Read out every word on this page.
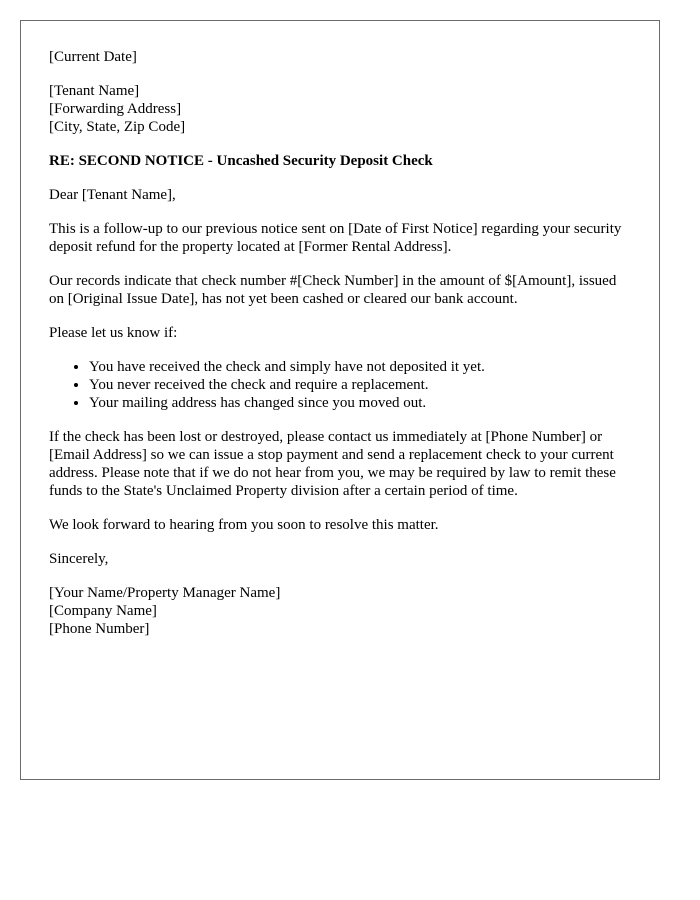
[Current Date]

[Tenant Name]
[Forwarding Address]
[City, State, Zip Code]

RE: SECOND NOTICE - Uncashed Security Deposit Check

Dear [Tenant Name],

This is a follow-up to our previous notice sent on [Date of First Notice] regarding your security deposit refund for the property located at [Former Rental Address].

Our records indicate that check number #[Check Number] in the amount of $[Amount], issued on [Original Issue Date], has not yet been cashed or cleared our bank account.

Please let us know if:

• You have received the check and simply have not deposited it yet.
• You never received the check and require a replacement.
• Your mailing address has changed since you moved out.

If the check has been lost or destroyed, please contact us immediately at [Phone Number] or [Email Address] so we can issue a stop payment and send a replacement check to your current address. Please note that if we do not hear from you, we may be required by law to remit these funds to the State's Unclaimed Property division after a certain period of time.

We look forward to hearing from you soon to resolve this matter.

Sincerely,

[Your Name/Property Manager Name]
[Company Name]
[Phone Number]
